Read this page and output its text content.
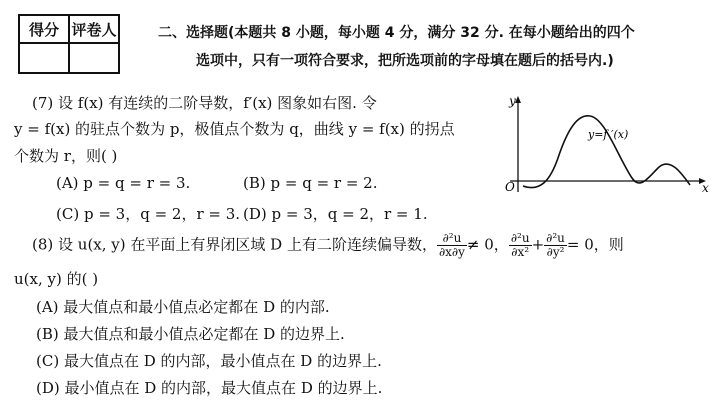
得分	评卷人
		二、选择题(本题共 8 小题，每小题 4 分，满分 32 分. 在每小题给出的四个
选项中，只有一项符合要求，把所选项前的字母填在题后的括号内.)
(7) 设 f(x) 有连续的二阶导数，f′(x) 图象如右图. 令
y = f(x) 的驻点个数为 p，极值点个数为 q，曲线 y = f(x) 的拐点
个数为 r，则( )
(A) p = q = r = 3.	(B) p = q = r = 2.
(C) p = 3，q = 2，r = 3. (D) p = 3，q = 2，r = 1.
y
x
O
y=f ′(x)
(8) 设 u(x, y) 在平面上有界闭区域 D 上有二阶连续偏导数， $\frac{\text{∂²u}}{\partial x\partial y} \ne 0$， $\frac{\text{∂²u}}{\text{∂x²}} + \frac{\text{∂²u}}{\text{∂y²}} = 0$，则
u(x, y) 的( )
(A) 最大值点和最小值点必定都在 D 的内部.
(B) 最大值点和最小值点必定都在 D 的边界上.
(C) 最大值点在 D 的内部，最小值点在 D 的边界上.
(D) 最小值点在 D 的内部，最大值点在 D 的边界上.
